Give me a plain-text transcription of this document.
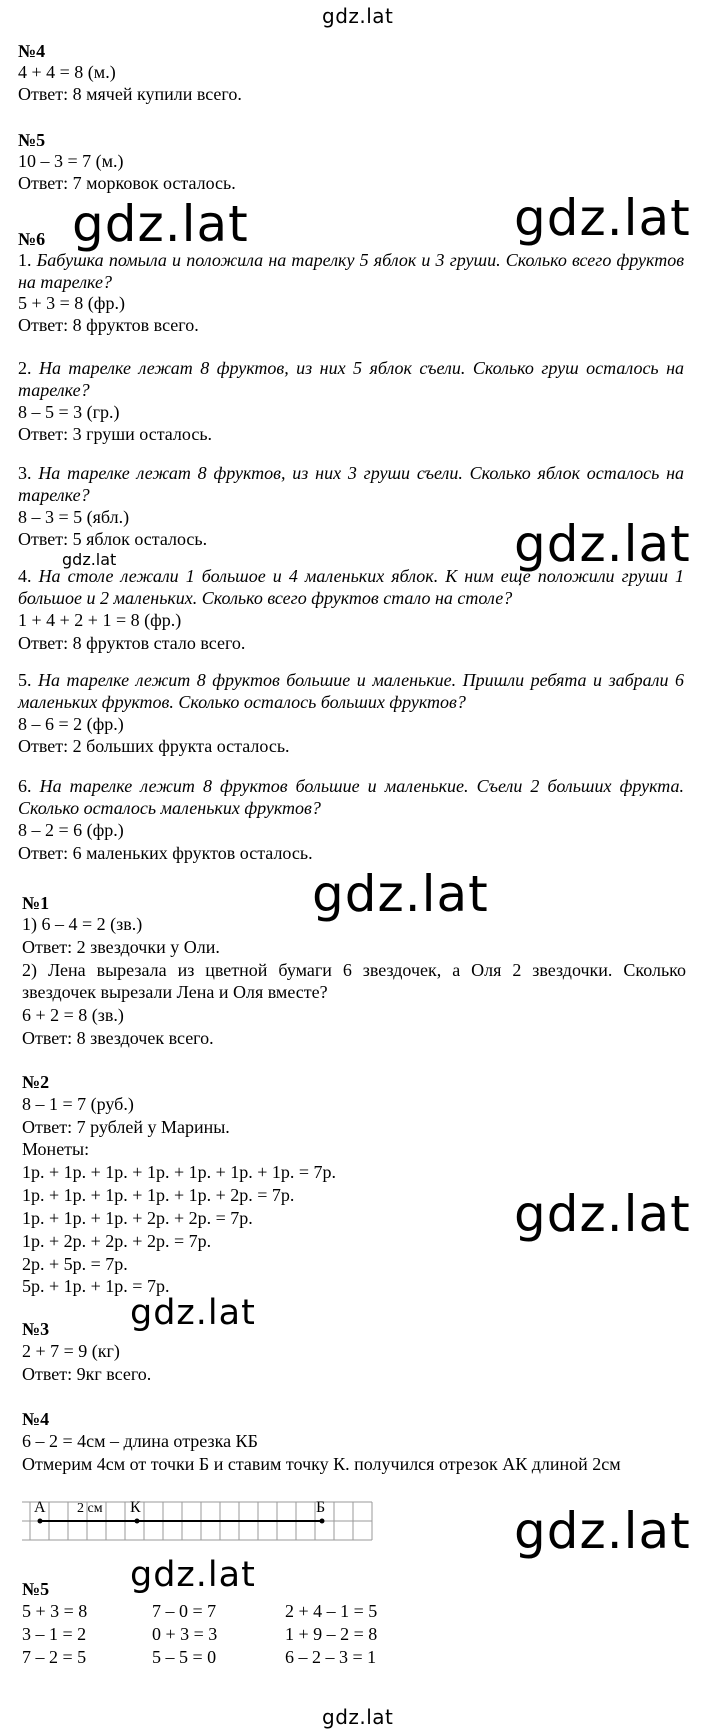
gdz.lat
gdz.lat	gdz.lat
gdz.lat
gdz.lat
gdz.lat
gdz.lat
gdz.lat
gdz.lat
gdz.lat
gdz.lat
№4
4 + 4 = 8 (м.)
Ответ: 8 мячей купили всего.
№5
10 – 3 = 7 (м.)
Ответ: 7 морковок осталось.
№6
1. Бабушка помыла и положила на тарелку 5 яблок и 3 груши. Сколько всего фруктов на тарелке?
5 + 3 = 8 (фр.)
Ответ: 8 фруктов всего.
2. На тарелке лежат 8 фруктов, из них 5 яблок съели. Сколько груш осталось на тарелке?
8 – 5 = 3 (гр.)
Ответ: 3 груши осталось.
3. На тарелке лежат 8 фруктов, из них 3 груши съели. Сколько яблок осталось на тарелке?
8 – 3 = 5 (ябл.)
Ответ: 5 яблок осталось.
4. На столе лежали 1 большое и 4 маленьких яблок. К ним еще положили груши 1 большое и 2 маленьких. Сколько всего фруктов стало на столе?
1 + 4 + 2 + 1 = 8 (фр.)
Ответ: 8 фруктов стало всего.
5. На тарелке лежит 8 фруктов большие и маленькие. Пришли ребята и забрали 6 маленьких фруктов. Сколько осталось больших фруктов?
8 – 6 = 2 (фр.)
Ответ: 2 больших фрукта осталось.
6. На тарелке лежит 8 фруктов большие и маленькие. Съели 2 больших фрукта. Сколько осталось маленьких фруктов?
8 – 2 = 6 (фр.)
Ответ: 6 маленьких фруктов осталось.
№1
1) 6 – 4 = 2 (зв.)
Ответ: 2 звездочки у Оли.
2) Лена вырезала из цветной бумаги 6 звездочек, а Оля 2 звездочки. Сколько звездочек вырезали Лена и Оля вместе?
6 + 2 = 8 (зв.)
Ответ: 8 звездочек всего.
№2
8 – 1 = 7 (руб.)
Ответ: 7 рублей у Марины.
Монеты:
1р. + 1р. + 1р. + 1р. + 1р. + 1р. + 1р. = 7р.
1р. + 1р. + 1р. + 1р. + 1р. + 2р. = 7р.
1р. + 1р. + 1р. + 2р. + 2р. = 7р.
1р. + 2р. + 2р. + 2р. = 7р.
2р. + 5р. = 7р.
5р. + 1р. + 1р. = 7р.
№3
2 + 7 = 9 (кг)
Ответ: 9кг всего.
№4
6 – 2 = 4см – длина отрезка КБ
Отмерим 4см от точки Б и ставим точку К. получился отрезок АК длиной 2см
А 2 см К	Б
№5
5 + 3 = 8	7 – 0 = 7	2 + 4 – 1 = 5
3 – 1 = 2	0 + 3 = 3	1 + 9 – 2 = 8
7 – 2 = 5	5 – 5 = 0	6 – 2 – 3 = 1
